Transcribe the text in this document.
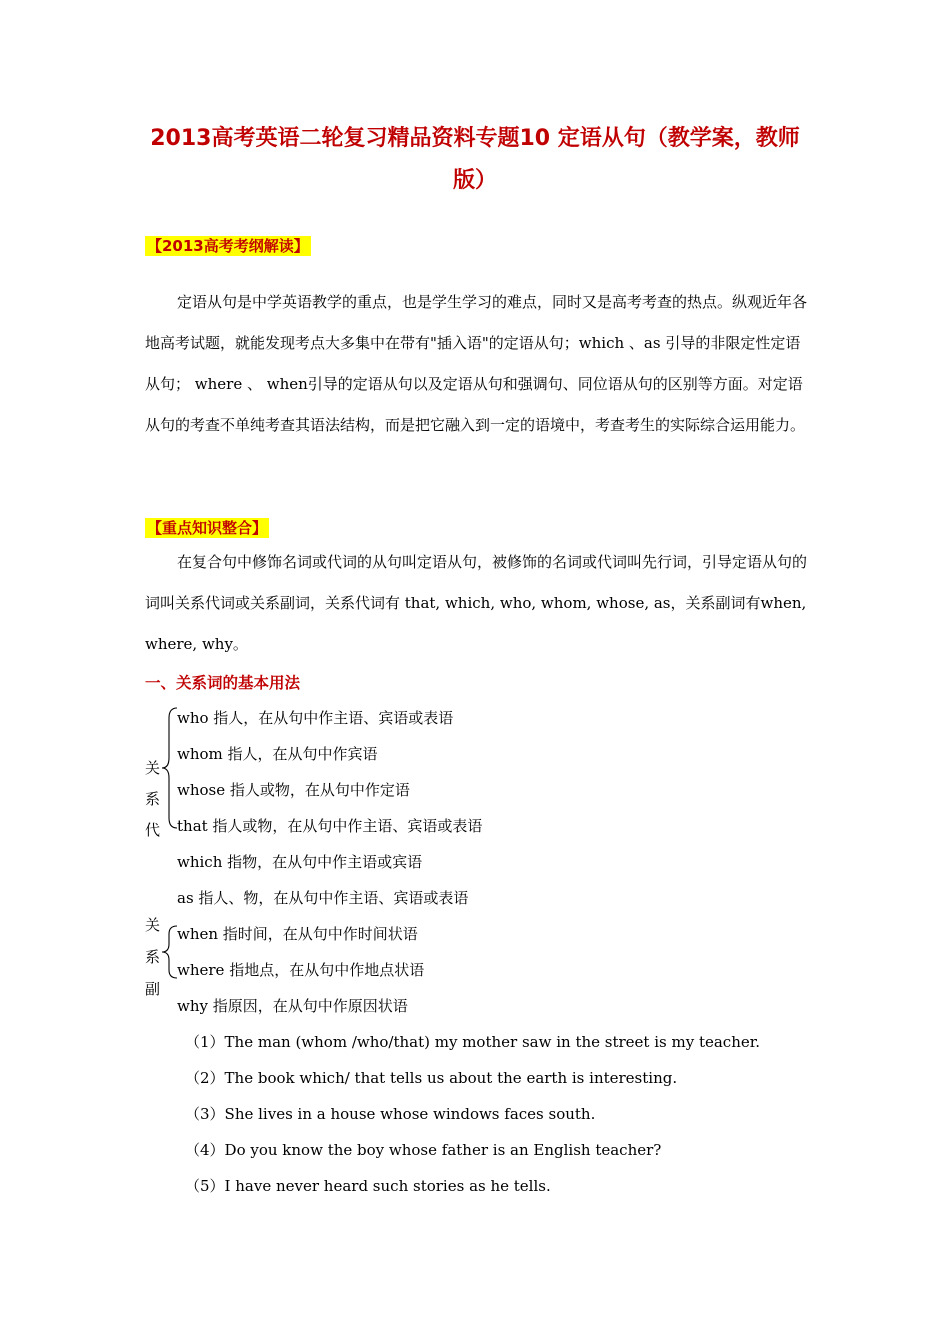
2013高考英语二轮复习精品资料专题10 定语从句（教学案，教师版）
【2013高考考纲解读】

定语从句是中学英语教学的重点，也是学生学习的难点，同时又是高考考查的热点。纵观近年各地高考试题，就能发现考点大多集中在带有"插入语"的定语从句；which 、as 引导的非限定性定语从句； where 、 when引导的定语从句以及定语从句和强调句、同位语从句的区别等方面。对定语从句的考查不单纯考查其语法结构，而是把它融入到一定的语境中，考查考生的实际综合运用能力。

【重点知识整合】

在复合句中修饰名词或代词的从句叫定语从句，被修饰的名词或代词叫先行词，引导定语从句的词叫关系代词或关系副词，关系代词有 that, which, who, whom, whose, as，关系副词有when, where, why。

一、关系词的基本用法
关
系
代
who 指人，在从句中作主语、宾语或表语
whom 指人，在从句中作宾语
whose 指人或物，在从句中作定语
that 指人或物，在从句中作主语、宾语或表语
which 指物，在从句中作主语或宾语
as 指人、物，在从句中作主语、宾语或表语
关
系
副
when 指时间，在从句中作时间状语
where 指地点，在从句中作地点状语
why 指原因，在从句中作原因状语
（1）The man (whom /who/that) my mother saw in the street is my teacher.
（2）The book which/ that tells us about the earth is interesting.
（3）She lives in a house whose windows faces south.
（4）Do you know the boy whose father is an English teacher?
（5）I have never heard such stories as he tells.
